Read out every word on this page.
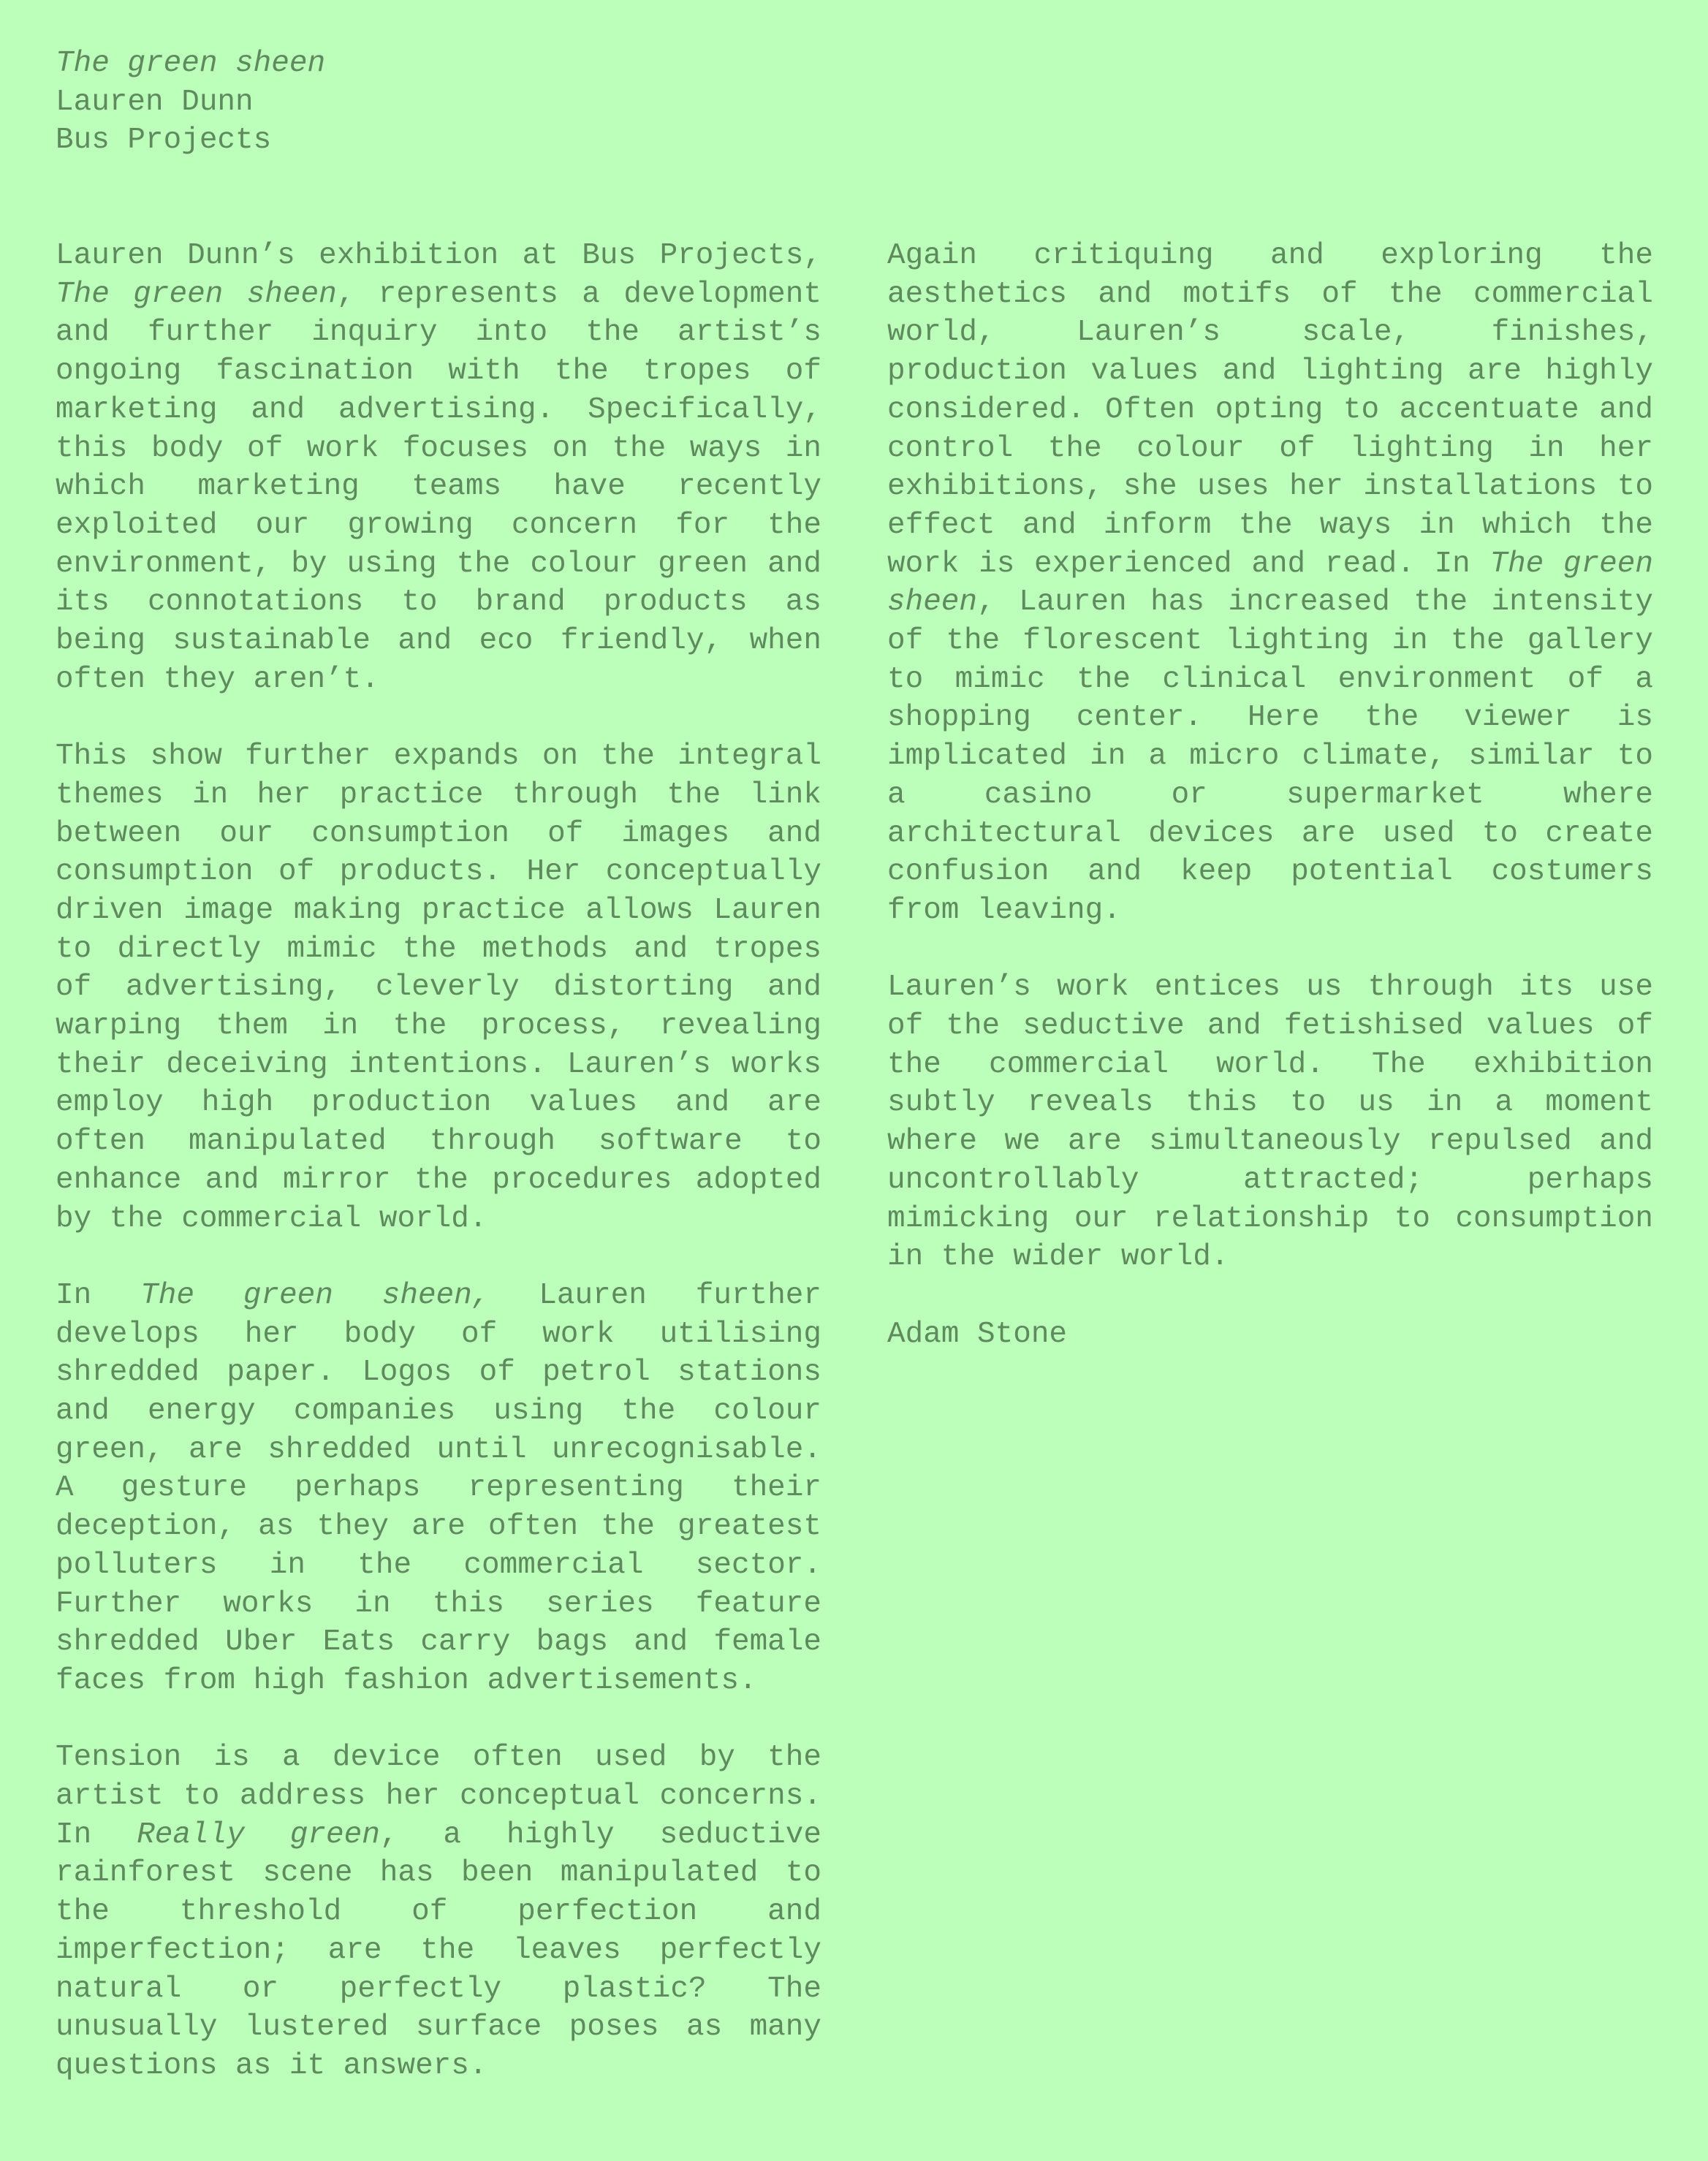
The green sheen
Lauren Dunn
Bus Projects

Lauren Dunn’s exhibition at Bus Projects, The green sheen, represents a development and further inquiry into the artist’s ongoing fascination with the tropes of marketing and advertising. Specifically, this body of work focuses on the ways in which marketing teams have recently exploited our growing concern for the environment, by using the colour green and its connotations to brand products as being sustainable and eco friendly, when often they aren’t.

This show further expands on the integral themes in her practice through the link between our consumption of images and consumption of products. Her conceptually driven image making practice allows Lauren to directly mimic the methods and tropes of advertising, cleverly distorting and warping them in the process, revealing their deceiving intentions. Lauren’s works employ high production values and are often manipulated through software to enhance and mirror the procedures adopted by the commercial world.

In The green sheen, Lauren further develops her body of work utilising shredded paper. Logos of petrol stations and energy companies using the colour green, are shredded until unrecognisable. A gesture perhaps representing their deception, as they are often the greatest polluters in the commercial sector. Further works in this series feature shredded Uber Eats carry bags and female faces from high fashion advertisements.

Tension is a device often used by the artist to address her conceptual concerns. In Really green, a highly seductive rainforest scene has been manipulated to the threshold of perfection and imperfection; are the leaves perfectly natural or perfectly plastic? The unusually lustered surface poses as many questions as it answers.

Again critiquing and exploring the aesthetics and motifs of the commercial world, Lauren’s scale, finishes, production values and lighting are highly considered. Often opting to accentuate and control the colour of lighting in her exhibitions, she uses her installations to effect and inform the ways in which the work is experienced and read. In The green sheen, Lauren has increased the intensity of the florescent lighting in the gallery to mimic the clinical environment of a shopping center. Here the viewer is implicated in a micro climate, similar to a casino or supermarket where architectural devices are used to create confusion and keep potential costumers from leaving.

Lauren’s work entices us through its use of the seductive and fetishised values of the commercial world. The exhibition subtly reveals this to us in a moment where we are simultaneously repulsed and uncontrollably attracted; perhaps mimicking our relationship to consumption in the wider world.

Adam Stone
